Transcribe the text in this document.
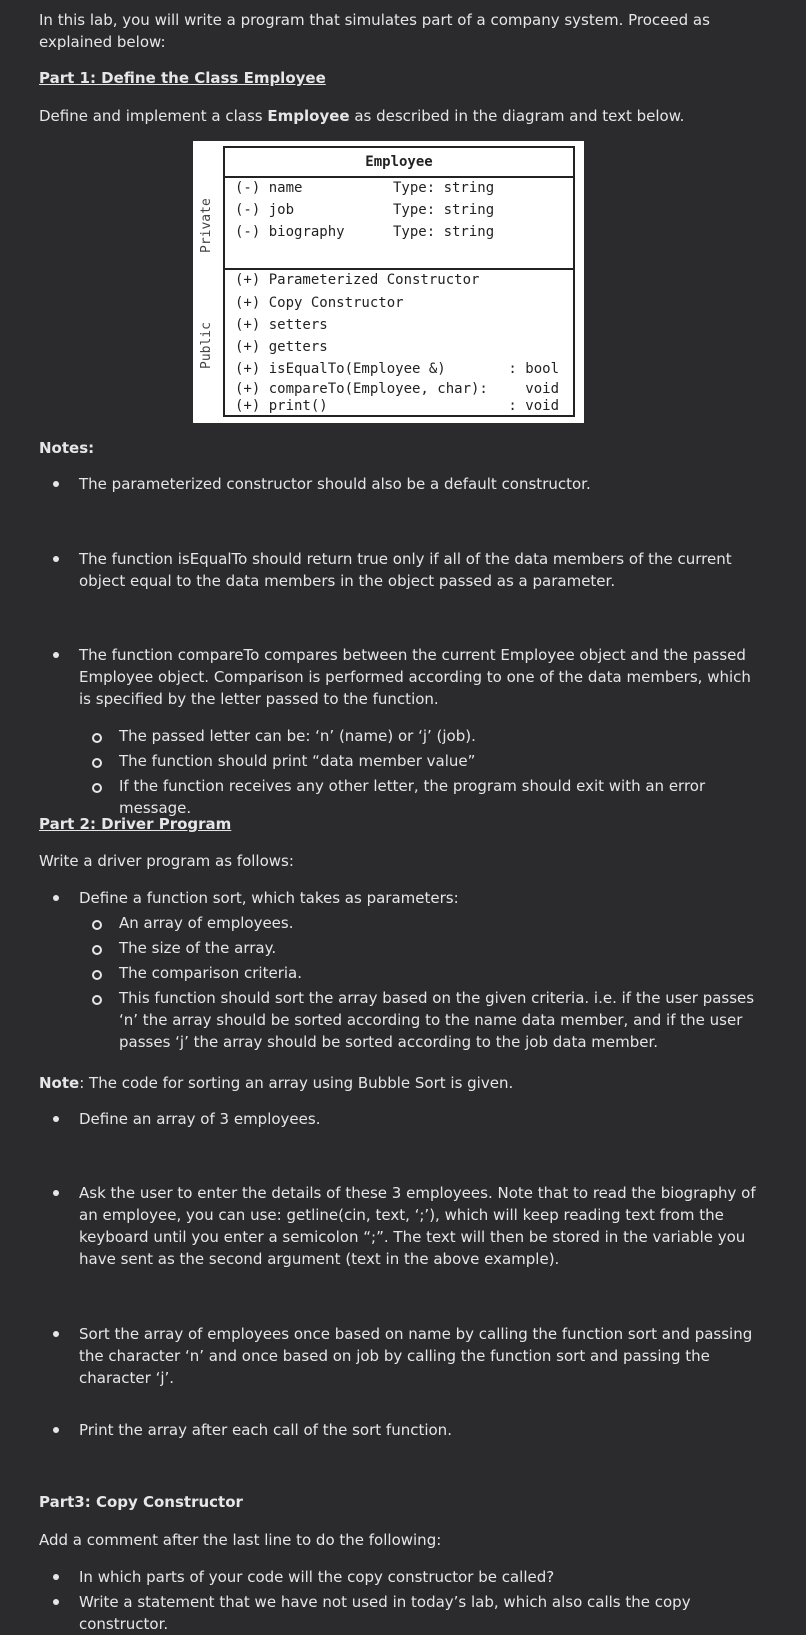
In this lab, you will write a program that simulates part of a company system. Proceed as explained below:
Part 1: Define the Class Employee
Define and implement a class Employee as described in the diagram and text below.
Private
Public
Employee
(-) name	Type: string
(-) job	Type: string
(-) biography	Type: string
(+) Parameterized Constructor
(+) Copy Constructor
(+) setters
(+) getters
(+) isEqualTo(Employee &)	: bool
(+) compareTo(Employee, char):	void
(+) print()	: void
Notes:
The parameterized constructor should also be a default constructor.
The function isEqualTo should return true only if all of the data members of the current object equal to the data members in the object passed as a parameter.
The function compareTo compares between the current Employee object and the passed Employee object. Comparison is performed according to one of the data members, which is specified by the letter passed to the function.
The passed letter can be: ‘n’ (name) or ‘j’ (job).
The function should print “data member value”
If the function receives any other letter, the program should exit with an error message.
Part 2: Driver Program
Write a driver program as follows:
Define a function sort, which takes as parameters:
An array of employees.
The size of the array.
The comparison criteria.
This function should sort the array based on the given criteria. i.e. if the user passes ‘n’ the array should be sorted according to the name data member, and if the user passes ‘j’ the array should be sorted according to the job data member.
Note: The code for sorting an array using Bubble Sort is given.
Define an array of 3 employees.
Ask the user to enter the details of these 3 employees. Note that to read the biography of an employee, you can use: getline(cin, text, ‘;’), which will keep reading text from the keyboard until you enter a semicolon “;”. The text will then be stored in the variable you have sent as the second argument (text in the above example).
Sort the array of employees once based on name by calling the function sort and passing the character ‘n’ and once based on job by calling the function sort and passing the character ‘j’.
Print the array after each call of the sort function.
Part3: Copy Constructor
Add a comment after the last line to do the following:
In which parts of your code will the copy constructor be called?
Write a statement that we have not used in today’s lab, which also calls the copy constructor.
